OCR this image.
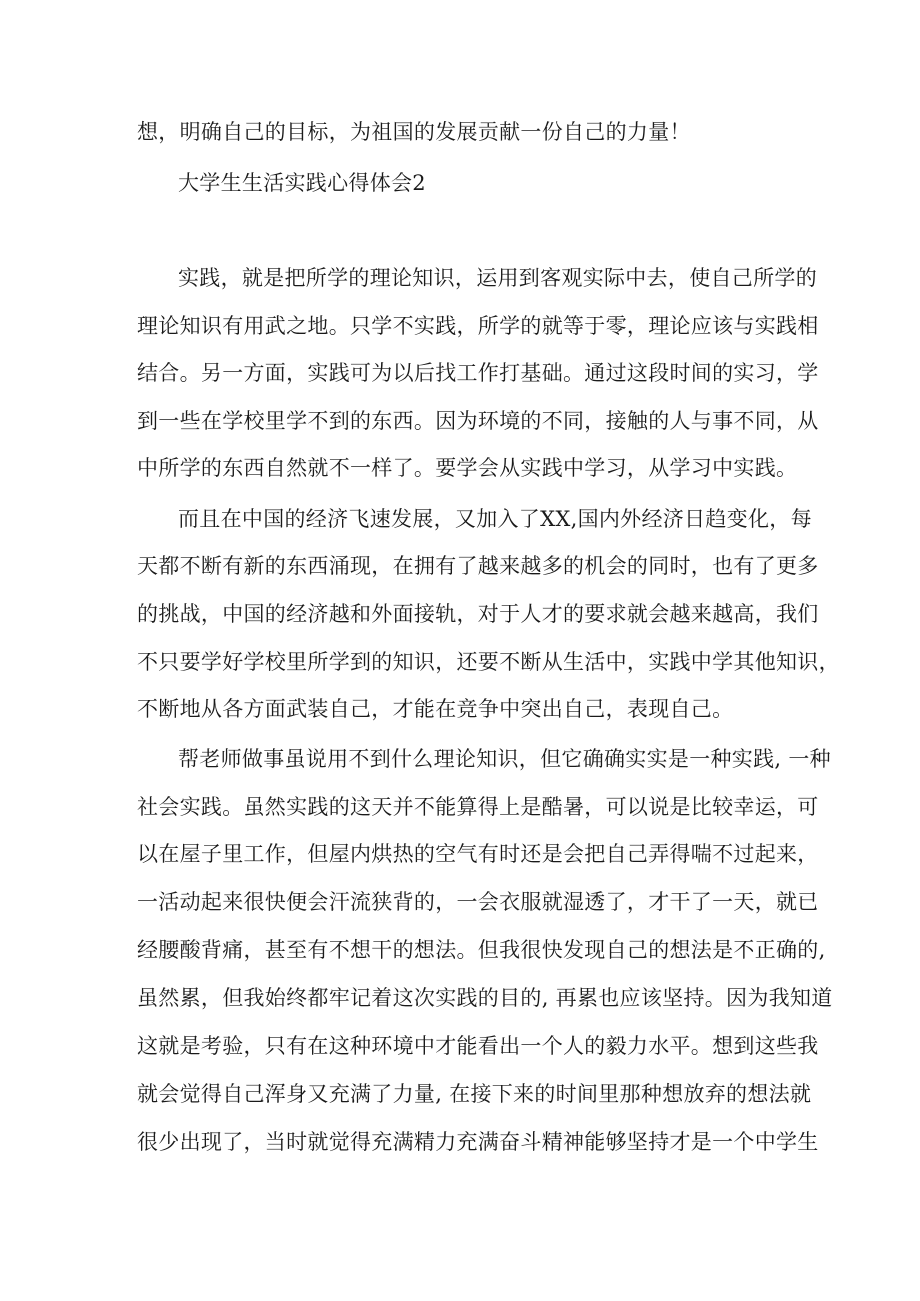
想，明确自己的目标，为祖国的发展贡献一份自己的力量！
大学生生活实践心得体会2
实践，就是把所学的理论知识，运用到客观实际中去，使自己所学的
理论知识有用武之地。只学不实践，所学的就等于零，理论应该与实践相
结合。另一方面，实践可为以后找工作打基础。通过这段时间的实习，学
到一些在学校里学不到的东西。因为环境的不同，接触的人与事不同，从
中所学的东西自然就不一样了。要学会从实践中学习，从学习中实践。
而且在中国的经济飞速发展，又加入了XX,国内外经济日趋变化，每
天都不断有新的东西涌现，在拥有了越来越多的机会的同时，也有了更多
的挑战，中国的经济越和外面接轨，对于人才的要求就会越来越高，我们
不只要学好学校里所学到的知识，还要不断从生活中，实践中学其他知识，
不断地从各方面武装自己，才能在竞争中突出自己，表现自己。
帮老师做事虽说用不到什么理论知识，但它确确实实是一种实践, 一种
社会实践。虽然实践的这天并不能算得上是酷暑，可以说是比较幸运，可
以在屋子里工作，但屋内烘热的空气有时还是会把自己弄得喘不过起来，
一活动起来很快便会汗流狭背的，一会衣服就湿透了，才干了一天，就已
经腰酸背痛，甚至有不想干的想法。但我很快发现自己的想法是不正确的,
虽然累，但我始终都牢记着这次实践的目的, 再累也应该坚持。因为我知道
这就是考验，只有在这种环境中才能看出一个人的毅力水平。想到这些我
就会觉得自己浑身又充满了力量, 在接下来的时间里那种想放弃的想法就
很少出现了，当时就觉得充满精力充满奋斗精神能够坚持才是一个中学生
